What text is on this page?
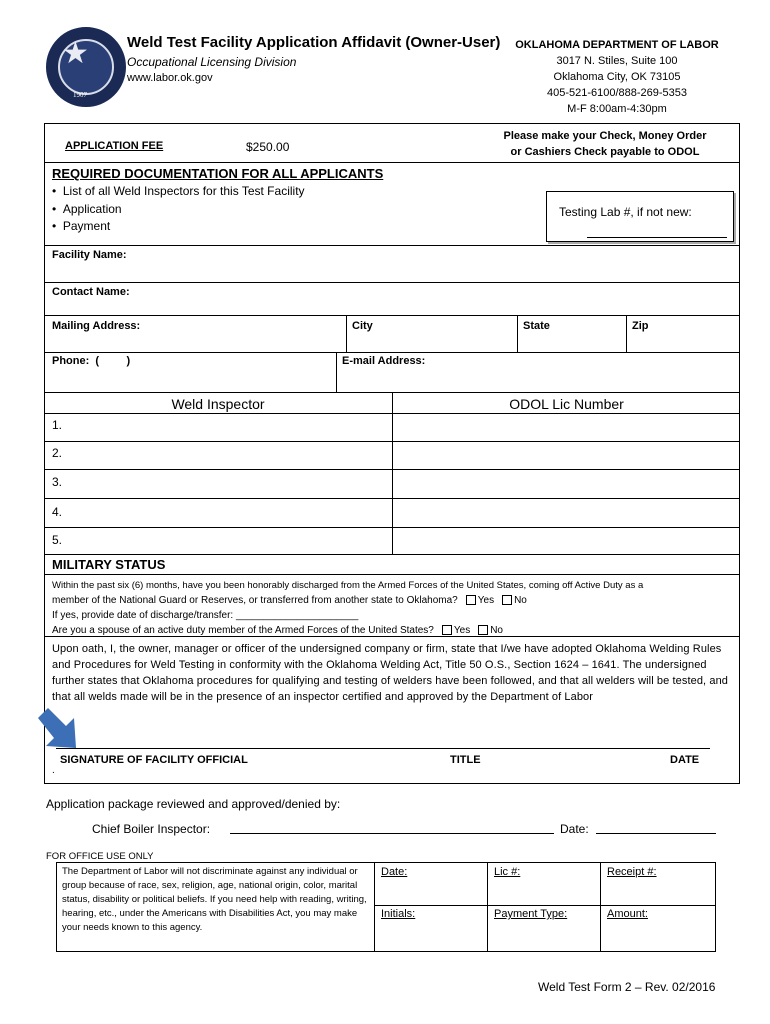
★
1907
Weld Test Facility Application Affidavit (Owner-User)
Occupational Licensing Division
www.labor.ok.gov
OKLAHOMA DEPARTMENT OF LABOR
3017 N. Stiles, Suite 100
Oklahoma City, OK 73105
405-521-6100/888-269-5353
M-F 8:00am-4:30pm
APPLICATION FEE	$250.00
Please make your Check, Money Order
or Cashiers Check payable to ODOL
REQUIRED DOCUMENTATION FOR ALL APPLICANTS
•  List of all Weld Inspectors for this Test Facility
•  Application
•  Payment
Testing Lab #, if not new:
Facility Name:
Contact Name:
Mailing Address:	City	State	Zip
Phone:  (         )	E-mail Address:
Weld Inspector	ODOL Lic Number
1.
2.
3.
4.
5.
MILITARY STATUS
Within the past six (6) months, have you been honorably discharged from the Armed Forces of the United States, coming off Active Duty as a
member of the National Guard or Reserves, or transferred from another state to Oklahoma? Yes No
If yes, provide date of discharge/transfer: ______________________
Are you a spouse of an active duty member of the Armed Forces of the United States? Yes No
Upon oath, I, the owner, manager or officer of the undersigned company or firm, state that I/we have adopted Oklahoma Welding Rules and Procedures for Weld Testing in conformity with the Oklahoma Welding Act, Title 50 O.S., Section 1624 – 1641. The undersigned further states that Oklahoma procedures for qualifying and testing of welders have been followed, and that all welders will be tested, and that all welds made will be in the presence of an inspector certified and approved by the Department of Labor
SIGNATURE OF FACILITY OFFICIAL	TITLE	DATE
.
Application package reviewed and approved/denied by:
Chief Boiler Inspector:	Date:
FOR OFFICE USE ONLY
The Department of Labor will not discriminate against any individual or group because of race, sex, religion, age, national origin, color, marital status, disability or political beliefs. If you need help with reading, writing, hearing, etc., under the Americans with Disabilities Act, you may make your needs known to this agency.
Date:	Lic #:	Receipt #:
Initials:	Payment Type:	Amount:
Weld Test Form 2 – Rev. 02/2016
